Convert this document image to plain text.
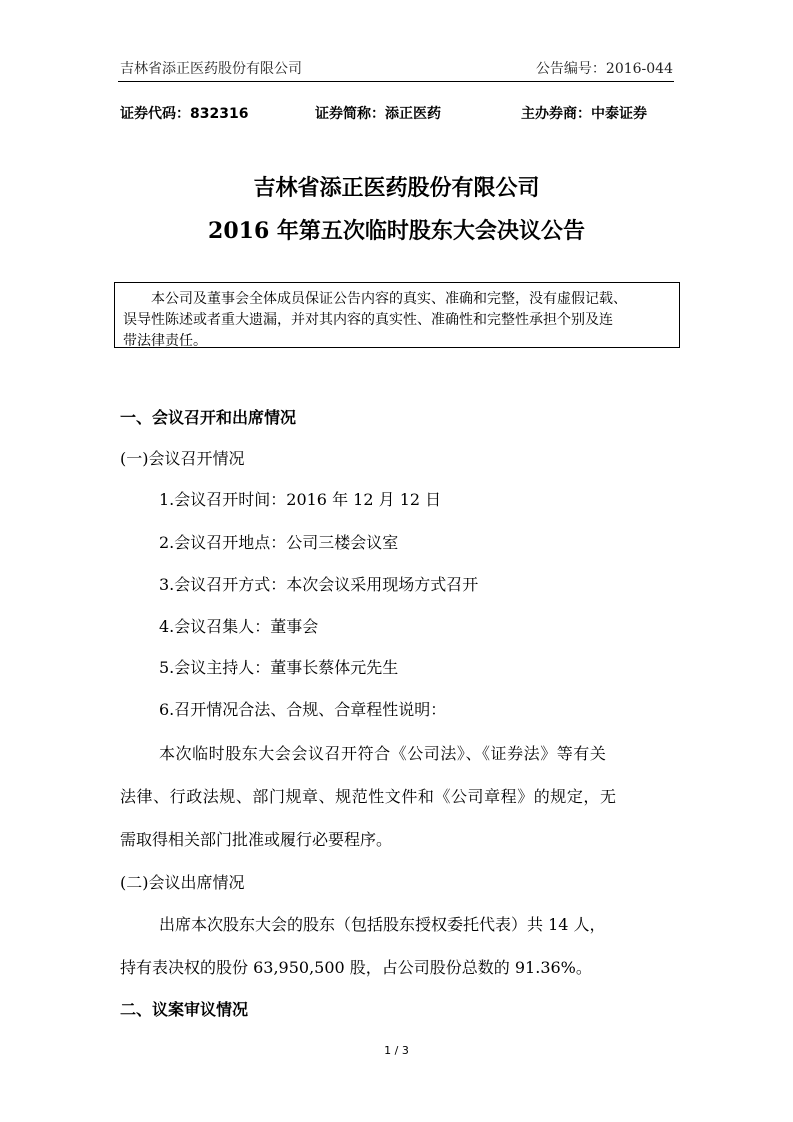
吉林省添正医药股份有限公司	公告编号：2016-044
证券代码：832316	证券简称：添正医药	主办券商：中泰证券
吉林省添正医药股份有限公司
2016 年第五次临时股东大会决议公告
本公司及董事会全体成员保证公告内容的真实、准确和完整，没有虚假记载、
误导性陈述或者重大遗漏，并对其内容的真实性、准确性和完整性承担个别及连
带法律责任。
一、会议召开和出席情况
(一)会议召开情况
1.会议召开时间：2016 年 12 月 12 日
2.会议召开地点：公司三楼会议室
3.会议召开方式：本次会议采用现场方式召开
4.会议召集人：董事会
5.会议主持人：董事长蔡体元先生
6.召开情况合法、合规、合章程性说明：
本次临时股东大会会议召开符合《公司法》、《证券法》等有关
法律、行政法规、部门规章、规范性文件和《公司章程》的规定，无
需取得相关部门批准或履行必要程序。
(二)会议出席情况
出席本次股东大会的股东（包括股东授权委托代表）共 14 人，
持有表决权的股份 63,950,500 股，占公司股份总数的 91.36%。
二、议案审议情况
1 / 3
